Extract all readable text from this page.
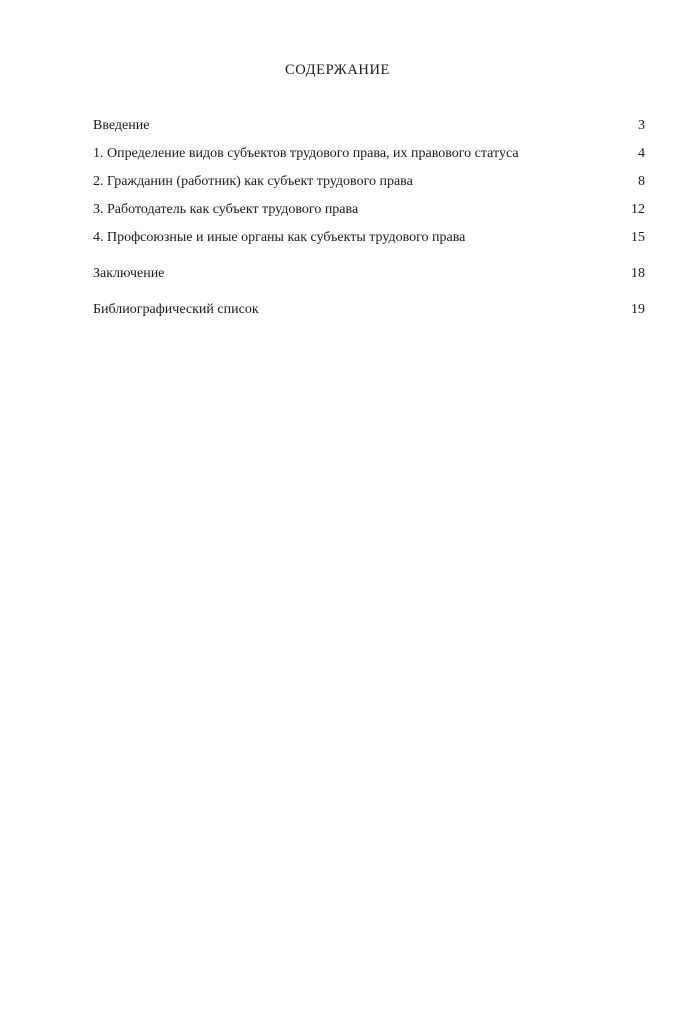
СОДЕРЖАНИЕ
Введение	3
1. Определение видов субъектов трудового права, их правового статуса	4
2. Гражданин (работник) как субъект трудового права	8
3. Работодатель как субъект трудового права	12
4. Профсоюзные и иные органы как субъекты трудового права	15
Заключение	18
Библиографический список	19
